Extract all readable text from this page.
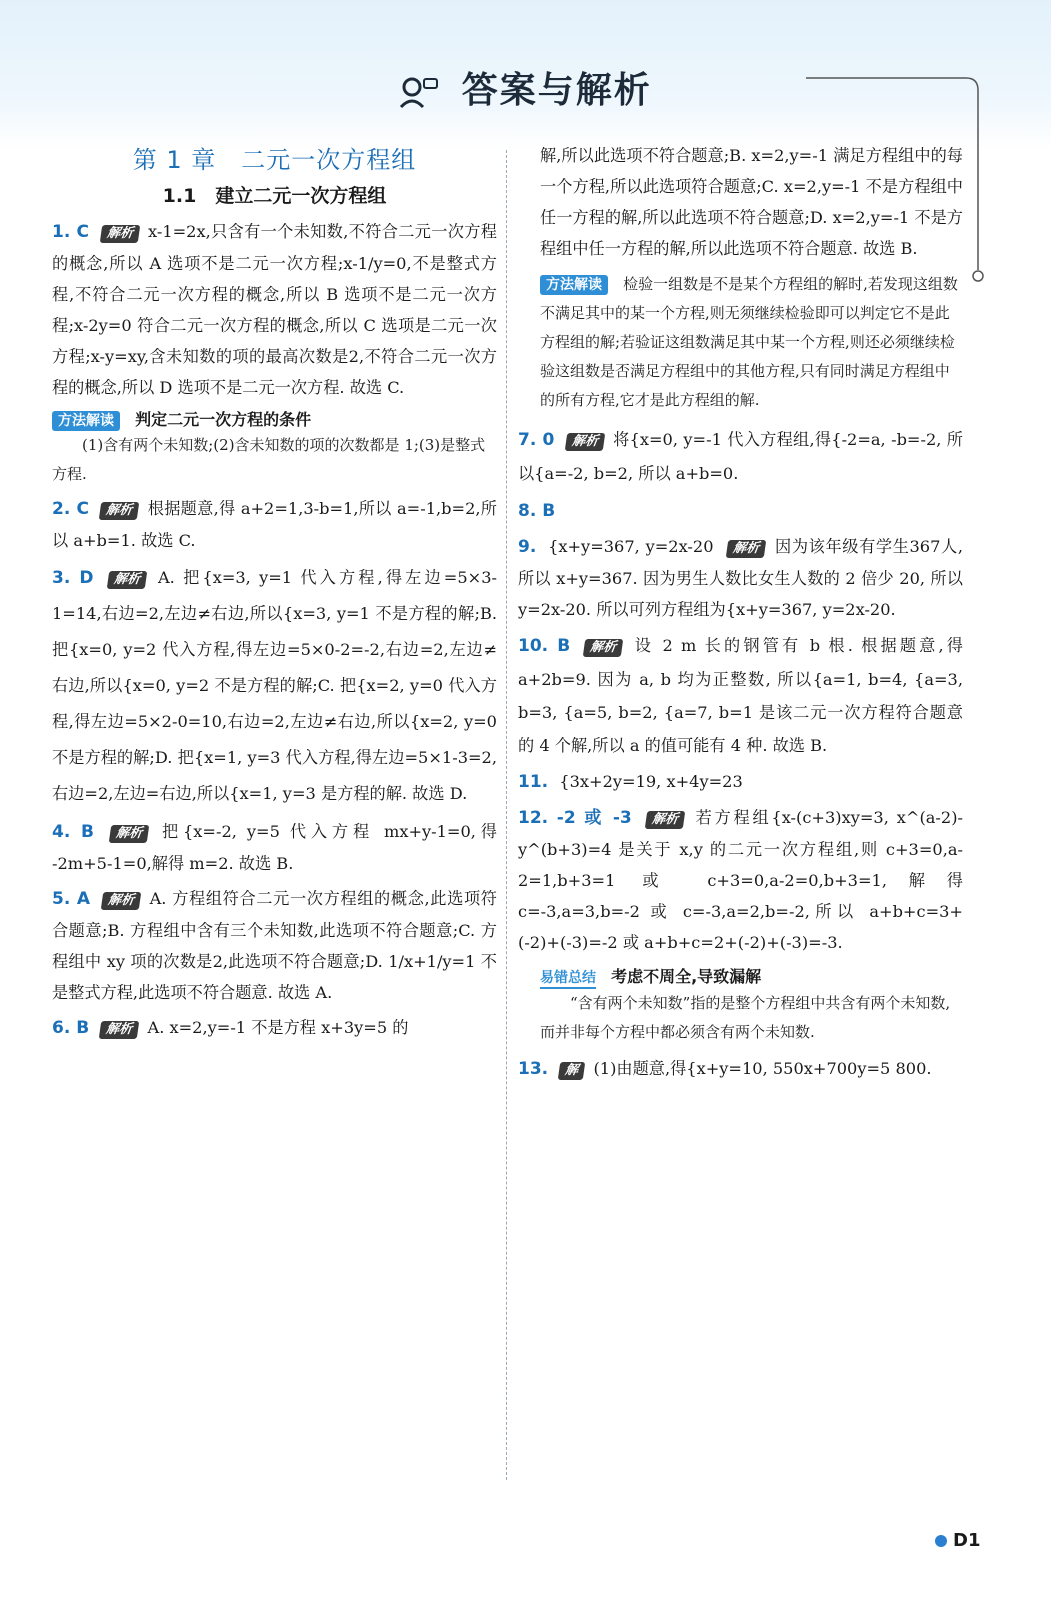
答案与解析

第 1 章　二元一次方程组

1.1　建立二元一次方程组

1. C 解析 x-1=2x,只含有一个未知数,不符合二元一次方程的概念,所以 A 选项不是二元一次方程;x-1/y=0,不是整式方程,不符合二元一次方程的概念,所以 B 选项不是二元一次方程;x-2y=0 符合二元一次方程的概念,所以 C 选项是二元一次方程;x-y=xy,含未知数的项的最高次数是2,不符合二元一次方程的概念,所以 D 选项不是二元一次方程. 故选 C.

方法解读 判定二元一次方程的条件

(1)含有两个未知数;(2)含未知数的项的次数都是 1;(3)是整式方程.

2. C 解析 根据题意,得 a+2=1,3-b=1,所以 a=-1,b=2,所以 a+b=1. 故选 C.

3. D 解析 A. 把{x=3, y=1 代入方程,得左边=5×3-1=14,右边=2,左边≠右边,所以{x=3, y=1 不是方程的解;B. 把{x=0, y=2 代入方程,得左边=5×0-2=-2,右边=2,左边≠右边,所以{x=0, y=2 不是方程的解;C. 把{x=2, y=0 代入方程,得左边=5×2-0=10,右边=2,左边≠右边,所以{x=2, y=0 不是方程的解;D. 把{x=1, y=3 代入方程,得左边=5×1-3=2,右边=2,左边=右边,所以{x=1, y=3 是方程的解. 故选 D.

4. B 解析 把{x=-2, y=5 代入方程 mx+y-1=0,得 -2m+5-1=0,解得 m=2. 故选 B.

5. A 解析 A. 方程组符合二元一次方程组的概念,此选项符合题意;B. 方程组中含有三个未知数,此选项不符合题意;C. 方程组中 xy 项的次数是2,此选项不符合题意;D. 1/x+1/y=1 不是整式方程,此选项不符合题意. 故选 A.

6. B 解析 A. x=2,y=-1 不是方程 x+3y=5 的

解,所以此选项不符合题意;B. x=2,y=-1 满足方程组中的每一个方程,所以此选项符合题意;C. x=2,y=-1 不是方程组中任一方程的解,所以此选项不符合题意;D. x=2,y=-1 不是方程组中任一方程的解,所以此选项不符合题意. 故选 B.

方法解读 检验一组数是不是某个方程组的解时,若发现这组数不满足其中的某一个方程,则无须继续检验即可以判定它不是此方程组的解;若验证这组数满足其中某一个方程,则还必须继续检验这组数是否满足方程组中的其他方程,只有同时满足方程组中的所有方程,它才是此方程组的解.

7. 0 解析 将{x=0, y=-1 代入方程组,得{-2=a, -b=-2, 所以{a=-2, b=2, 所以 a+b=0.

8. B

9. {x+y=367, y=2x-20 解析 因为该年级有学生367人,所以 x+y=367. 因为男生人数比女生人数的 2 倍少 20, 所以 y=2x-20. 所以可列方程组为{x+y=367, y=2x-20.

10. B 解析 设 2 m 长的钢管有 b 根. 根据题意,得 a+2b=9. 因为 a, b 均为正整数, 所以{a=1, b=4, {a=3, b=3, {a=5, b=2, {a=7, b=1 是该二元一次方程符合题意的 4 个解,所以 a 的值可能有 4 种. 故选 B.

11. {3x+2y=19, x+4y=23

12. -2 或 -3 解析 若方程组{x-(c+3)xy=3, x^(a-2)-y^(b+3)=4 是关于 x,y 的二元一次方程组,则 c+3=0,a-2=1,b+3=1 或 c+3=0,a-2=0,b+3=1,解得 c=-3,a=3,b=-2 或 c=-3,a=2,b=-2,所以 a+b+c=3+(-2)+(-3)=-2 或 a+b+c=2+(-2)+(-3)=-3.

易错总结 考虑不周全,导致漏解

“含有两个未知数”指的是整个方程组中共含有两个未知数,而并非每个方程中都必须含有两个未知数.

13. 解 (1)由题意,得{x+y=10, 550x+700y=5 800.

D1
